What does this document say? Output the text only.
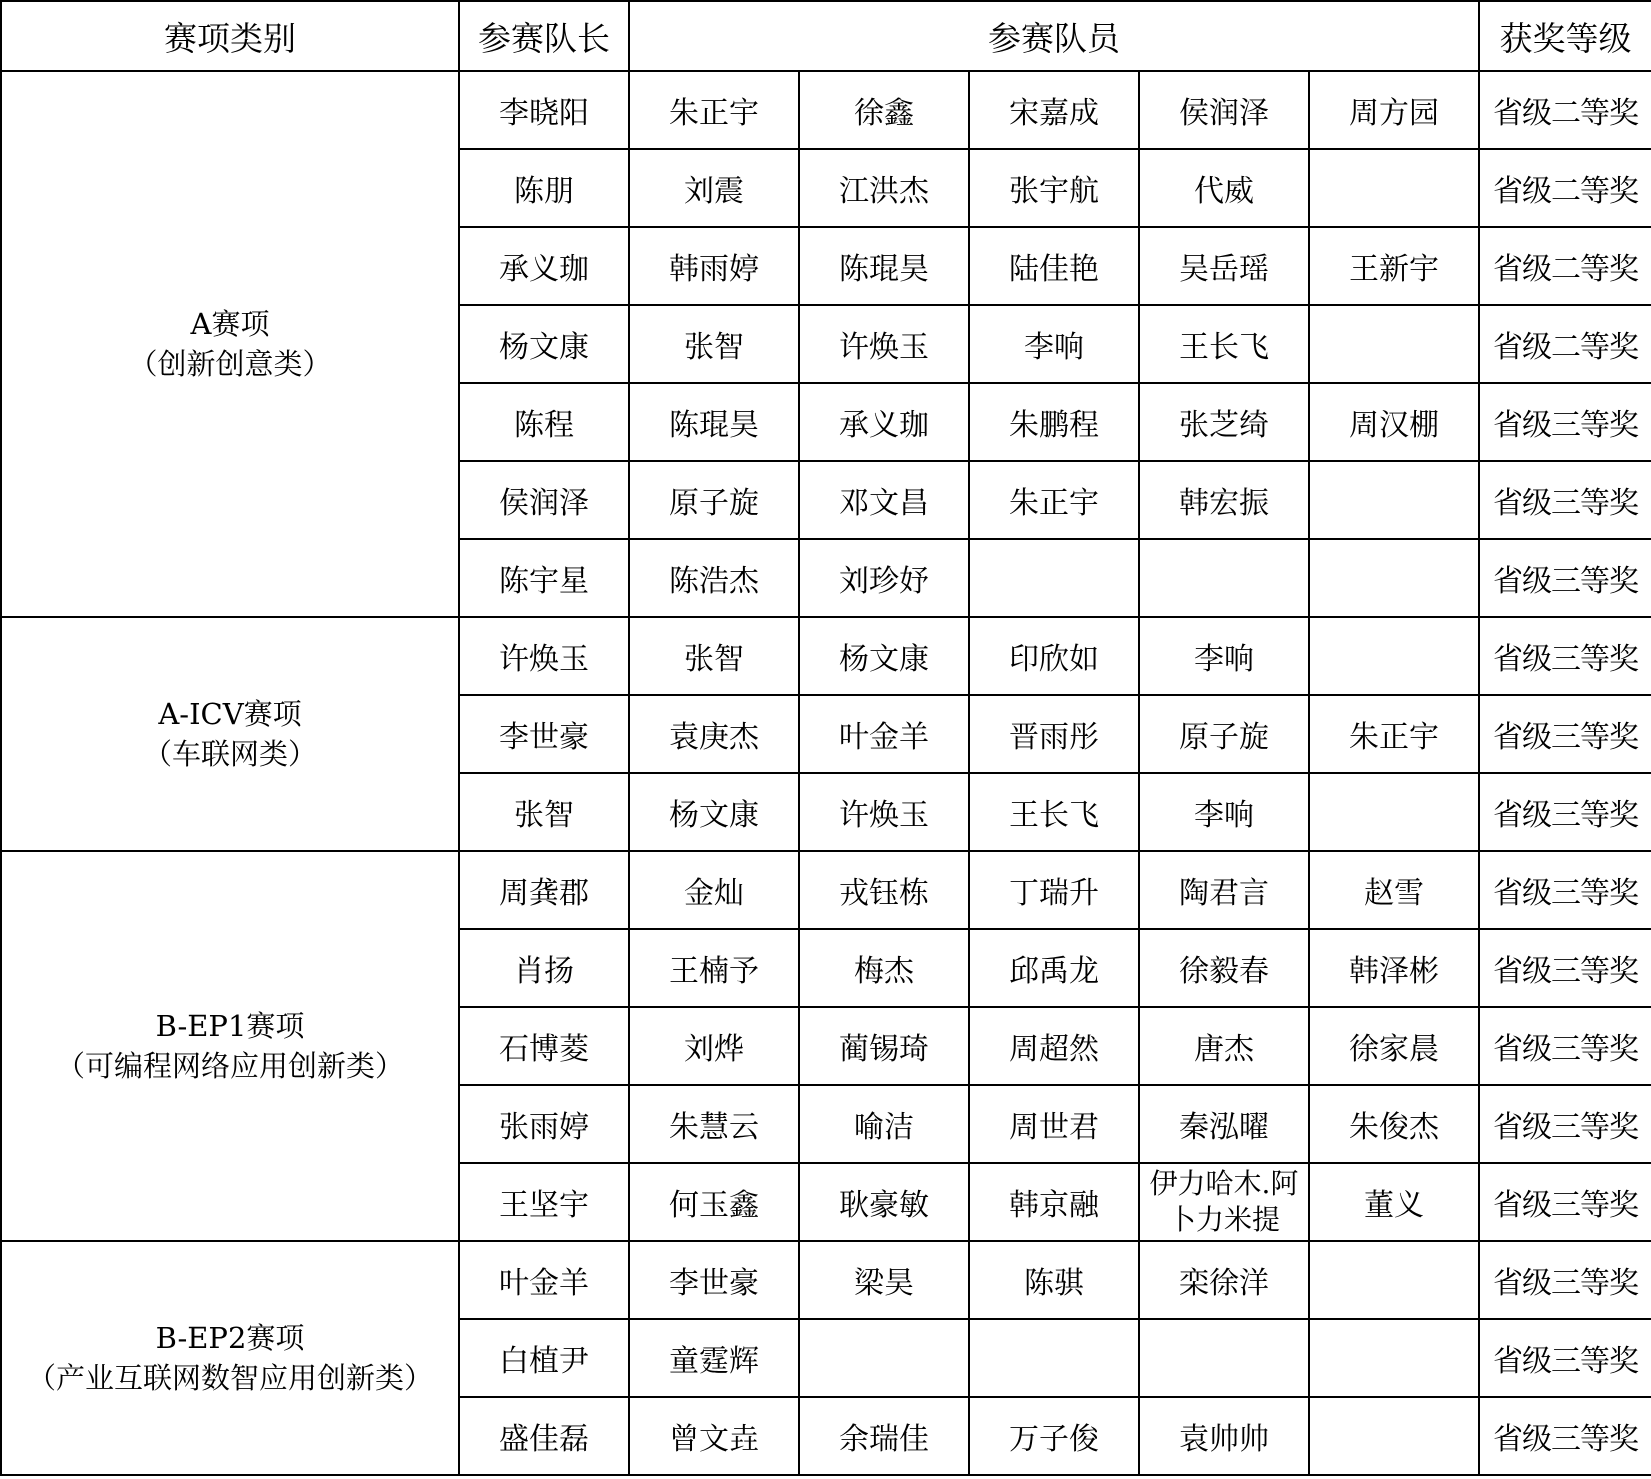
赛项类别	参赛队长	参赛队员					获奖等级

A赛项
（创新创意类）	李晓阳	朱正宇	徐鑫	宋嘉成	侯润泽	周方园	省级二等奖
	陈朋	刘震	江洪杰	张宇航	代威		省级二等奖
	承义珈	韩雨婷	陈琨昊	陆佳艳	吴岳瑶	王新宇	省级二等奖
	杨文康	张智	许焕玉	李响	王长飞		省级二等奖
	陈程	陈琨昊	承义珈	朱鹏程	张芝绮	周汉棚	省级三等奖
	侯润泽	原子旋	邓文昌	朱正宇	韩宏振		省级三等奖
	陈宇星	陈浩杰	刘珍妤				省级三等奖

A-ICV赛项
（车联网类）	许焕玉	张智	杨文康	印欣如	李响		省级三等奖
	李世豪	袁庚杰	叶金羊	晋雨彤	原子旋	朱正宇	省级三等奖
	张智	杨文康	许焕玉	王长飞	李响		省级三等奖

B-EP1赛项
（可编程网络应用创新类）	周龚郡	金灿	戎钰栋	丁瑞升	陶君言	赵雪	省级三等奖
	肖扬	王楠予	梅杰	邱禹龙	徐毅春	韩泽彬	省级三等奖
	石博菱	刘烨	蔺锡琦	周超然	唐杰	徐家晨	省级三等奖
	张雨婷	朱慧云	喻洁	周世君	秦泓曜	朱俊杰	省级三等奖
	王坚宇	何玉鑫	耿豪敏	韩京融	伊力哈木.阿卜力米提	董义	省级三等奖

B-EP2赛项
（产业互联网数智应用创新类）	叶金羊	李世豪	梁昊	陈骐	栾徐洋		省级三等奖
	白植尹	童霆辉					省级三等奖
	盛佳磊	曾文垚	余瑞佳	万子俊	袁帅帅		省级三等奖
